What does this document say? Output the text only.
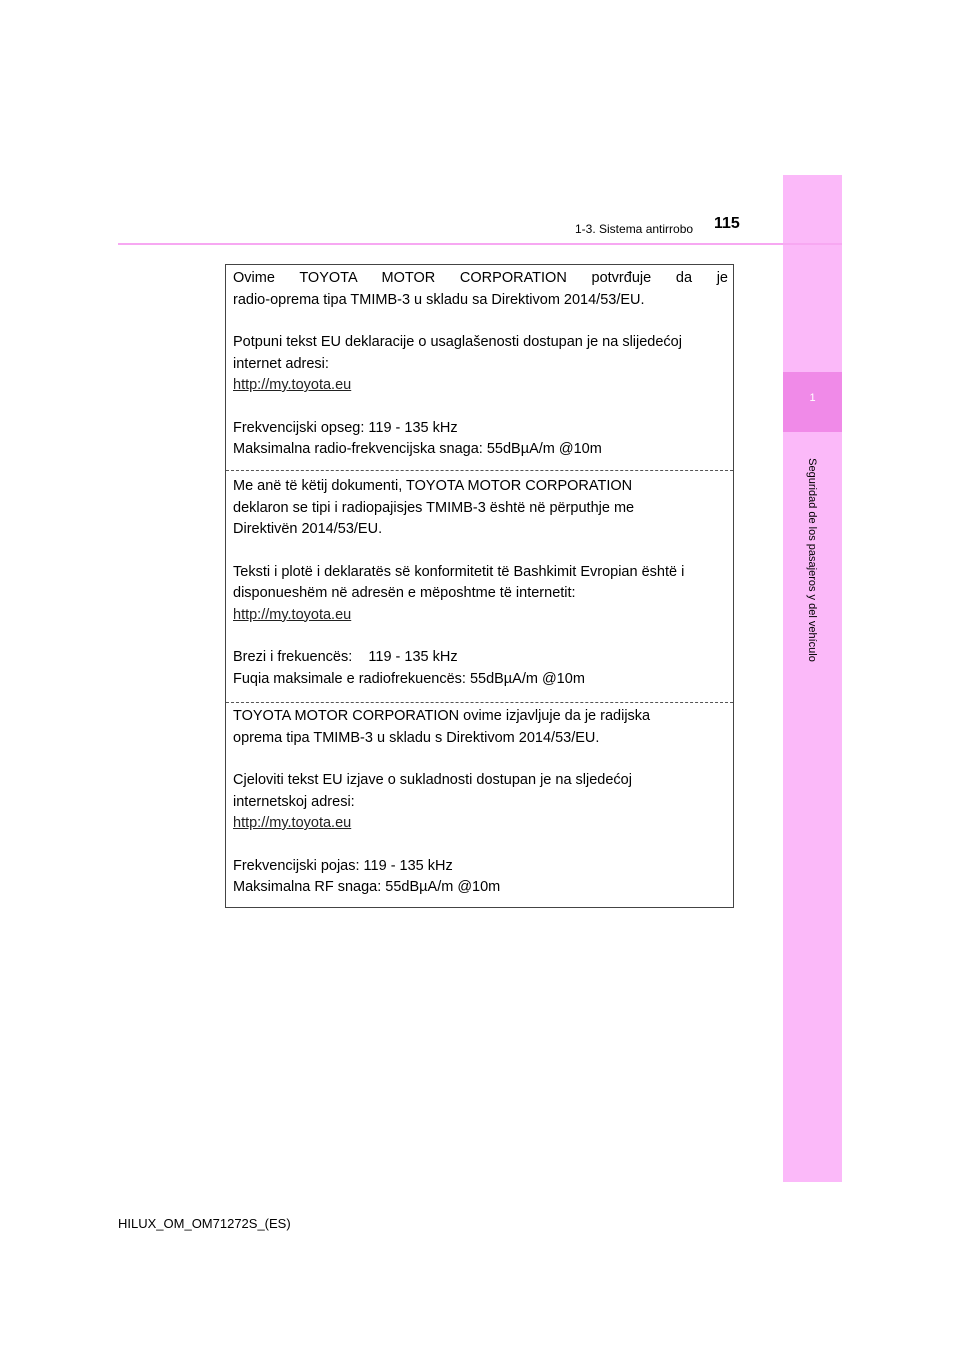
1
Seguridad de los pasajeros y del vehículo
1-3. Sistema antirrobo 115

Ovime TOYOTA MOTOR CORPORATION potvrđuje da je

radio-oprema tipa TMIMB-3 u skladu sa Direktivom 2014/53/EU.

Potpuni tekst EU deklaracije o usaglašenosti dostupan je na slijedećoj

internet adresi:

http://my.toyota.eu

Frekvencijski opseg: 119 - 135 kHz

Maksimalna radio-frekvencijska snaga: 55dBµA/m @10m

Me anë të këtij dokumenti, TOYOTA MOTOR CORPORATION

deklaron se tipi i radiopajisjes TMIMB-3 është në përputhje me

Direktivën 2014/53/EU.

Teksti i plotë i deklaratës së konformitetit të Bashkimit Evropian është i

disponueshëm në adresën e mëposhtme të internetit:

http://my.toyota.eu

Brezi i frekuencës:    119 - 135 kHz

Fuqia maksimale e radiofrekuencës: 55dBµA/m @10m

TOYOTA MOTOR CORPORATION ovime izjavljuje da je radijska

oprema tipa TMIMB-3 u skladu s Direktivom 2014/53/EU.

Cjeloviti tekst EU izjave o sukladnosti dostupan je na sljedećoj

internetskoj adresi:

http://my.toyota.eu

Frekvencijski pojas: 119 - 135 kHz

Maksimalna RF snaga: 55dBµA/m @10m

HILUX_OM_OM71272S_(ES)
